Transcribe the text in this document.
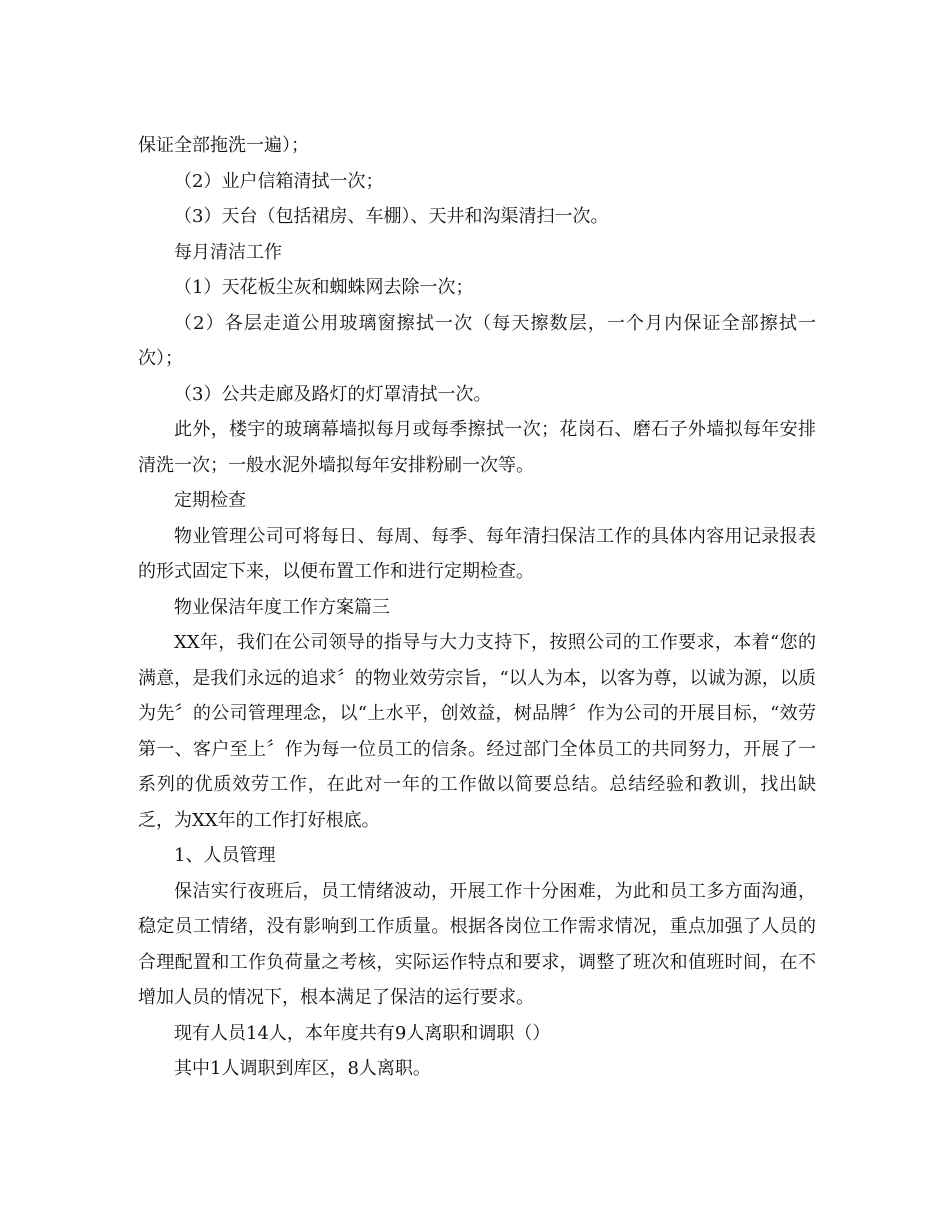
保证全部拖洗一遍）；

（2）业户信箱清拭一次；

（3）天台（包括裙房、车棚）、天井和沟渠清扫一次。

每月清洁工作

（1）天花板尘灰和蜘蛛网去除一次；

（2）各层走道公用玻璃窗擦拭一次（每天擦数层，一个月内保证全部擦拭一次）；

（3）公共走廊及路灯的灯罩清拭一次。

此外，楼宇的玻璃幕墙拟每月或每季擦拭一次；花岗石、磨石子外墙拟每年安排清洗一次；一般水泥外墙拟每年安排粉刷一次等。

定期检查

物业管理公司可将每日、每周、每季、每年清扫保洁工作的具体内容用记录报表的形式固定下来，以便布置工作和进行定期检查。

物业保洁年度工作方案篇三

XX年，我们在公司领导的指导与大力支持下，按照公司的工作要求，本着“您的满意，是我们永远的追求〞的物业效劳宗旨，“以人为本，以客为尊，以诚为源，以质为先〞的公司管理理念，以“上水平，创效益，树品牌〞作为公司的开展目标，“效劳第一、客户至上〞作为每一位员工的信条。经过部门全体员工的共同努力，开展了一系列的优质效劳工作，在此对一年的工作做以简要总结。总结经验和教训，找出缺乏，为XX年的工作打好根底。

1、人员管理

保洁实行夜班后，员工情绪波动，开展工作十分困难，为此和员工多方面沟通，稳定员工情绪，没有影响到工作质量。根据各岗位工作需求情况，重点加强了人员的合理配置和工作负荷量之考核，实际运作特点和要求，调整了班次和值班时间，在不增加人员的情况下，根本满足了保洁的运行要求。

现有人员14人，本年度共有9人离职和调职（）

其中1人调职到库区，8人离职。
